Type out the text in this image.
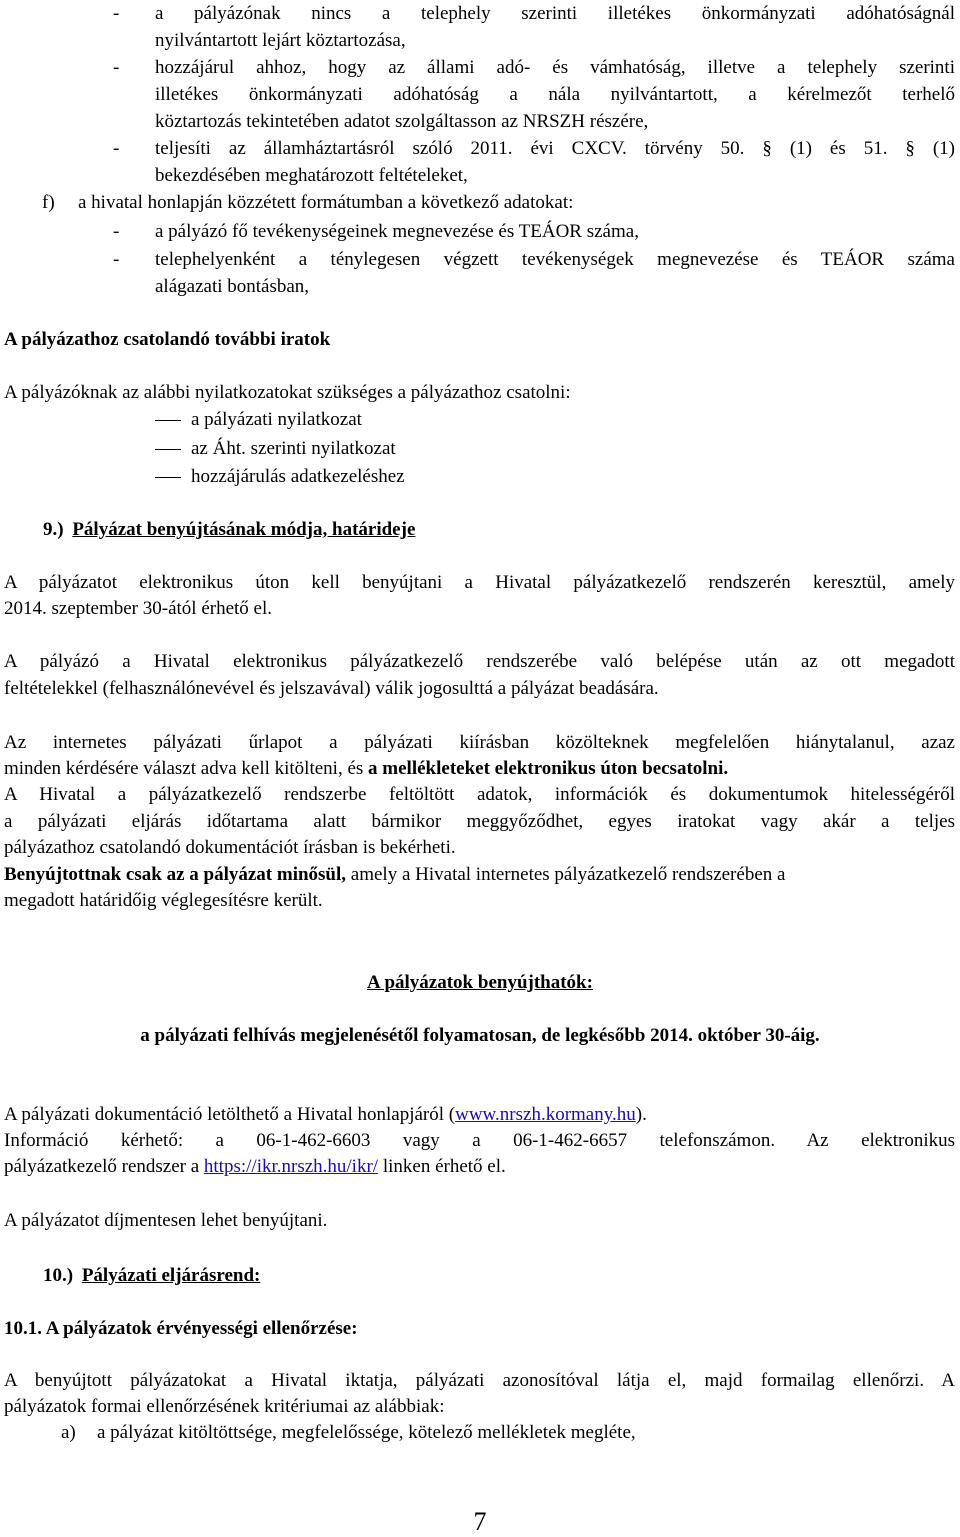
- a pályázónak nincs a telephely szerinti illetékes önkormányzati adóhatóságnál
nyilvántartott lejárt köztartozása,
- hozzájárul ahhoz, hogy az állami adó- és vámhatóság, illetve a telephely szerinti
illetékes önkormányzati adóhatóság a nála nyilvántartott, a kérelmezőt terhelő
köztartozás tekintetében adatot szolgáltasson az NRSZH részére,
- teljesíti az államháztartásról szóló 2011. évi CXCV. törvény 50. § (1) és 51. § (1)
bekezdésében meghatározott feltételeket,
f) a hivatal honlapján közzétett formátumban a következő adatokat:
- a pályázó fő tevékenységeinek megnevezése és TEÁOR száma,
- telephelyenként a ténylegesen végzett tevékenységek megnevezése és TEÁOR száma
alágazati bontásban,
A pályázathoz csatolandó további iratok
A pályázóknak az alábbi nyilatkozatokat szükséges a pályázathoz csatolni:
a pályázati nyilatkozat
az Áht. szerinti nyilatkozat
hozzájárulás adatkezeléshez
9.) Pályázat benyújtásának módja, határideje
A pályázatot elektronikus úton kell benyújtani a Hivatal pályázatkezelő rendszerén keresztül, amely
2014. szeptember 30-ától érhető el.
A pályázó a Hivatal elektronikus pályázatkezelő rendszerébe való belépése után az ott megadott
feltételekkel (felhasználónevével és jelszavával) válik jogosulttá a pályázat beadására.
Az internetes pályázati űrlapot a pályázati kiírásban közölteknek megfelelően hiánytalanul, azaz
minden kérdésére választ adva kell kitölteni, és a mellékleteket elektronikus úton becsatolni.
A Hivatal a pályázatkezelő rendszerbe feltöltött adatok, információk és dokumentumok hitelességéről
a pályázati eljárás időtartama alatt bármikor meggyőződhet, egyes iratokat vagy akár a teljes
pályázathoz csatolandó dokumentációt írásban is bekérheti.
Benyújtottnak csak az a pályázat minősül, amely a Hivatal internetes pályázatkezelő rendszerében a
megadott határidőig véglegesítésre került.
A pályázatok benyújthatók:
a pályázati felhívás megjelenésétől folyamatosan, de legkésőbb 2014. október 30-áig.
A pályázati dokumentáció letölthető a Hivatal honlapjáról (www.nrszh.kormany.hu).
Információ kérhető: a 06-1-462-6603 vagy a 06-1-462-6657 telefonszámon. Az elektronikus
pályázatkezelő rendszer a https://ikr.nrszh.hu/ikr/ linken érhető el.
A pályázatot díjmentesen lehet benyújtani.
10.) Pályázati eljárásrend:
10.1. A pályázatok érvényességi ellenőrzése:
A benyújtott pályázatokat a Hivatal iktatja, pályázati azonosítóval látja el, majd formailag ellenőrzi. A
pályázatok formai ellenőrzésének kritériumai az alábbiak:
a) a pályázat kitöltöttsége, megfelelőssége, kötelező mellékletek megléte,
7
